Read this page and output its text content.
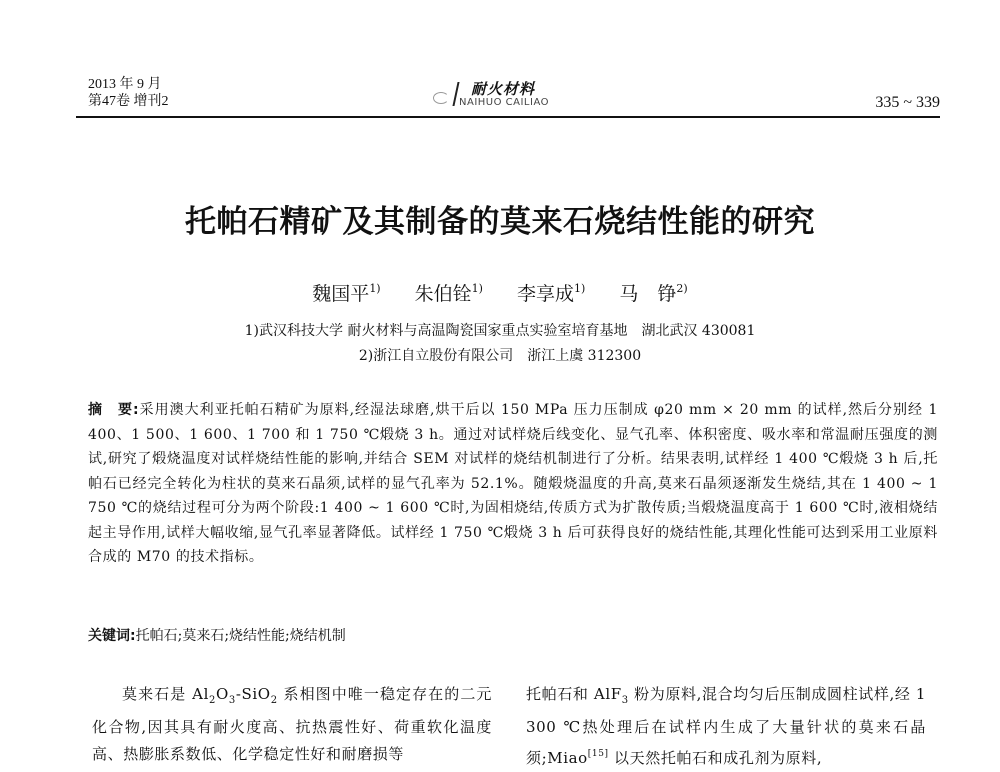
2013 年 9 月
第47卷 增刊2
耐火材料
NAIHUO CAILIAO	335 ~ 339
托帕石精矿及其制备的莫来石烧结性能的研究
魏国平$^{1)}$ 朱伯铨$^{1)}$ 李享成$^{1)}$ 马　铮$^{2)}$
1)武汉科技大学 耐火材料与高温陶瓷国家重点实验室培育基地　湖北武汉 430081
2)浙江自立股份有限公司　浙江上虞 312300
摘　要:采用澳大利亚托帕石精矿为原料,经湿法球磨,烘干后以 150 MPa 压力压制成 φ20 mm × 20 mm 的试样,然后分别经 1 400、1 500、1 600、1 700 和 1 750 ℃煅烧 3 h。通过对试样烧后线变化、显气孔率、体积密度、吸水率和常温耐压强度的测试,研究了煅烧温度对试样烧结性能的影响,并结合 SEM 对试样的烧结机制进行了分析。结果表明,试样经 1 400 ℃煅烧 3 h 后,托帕石已经完全转化为柱状的莫来石晶须,试样的显气孔率为 52.1%。随煅烧温度的升高,莫来石晶须逐渐发生烧结,其在 1 400 ~ 1 750 ℃的烧结过程可分为两个阶段:1 400 ~ 1 600 ℃时,为固相烧结,传质方式为扩散传质;当煅烧温度高于 1 600 ℃时,液相烧结起主导作用,试样大幅收缩,显气孔率显著降低。试样经 1 750 ℃煅烧 3 h 后可获得良好的烧结性能,其理化性能可达到采用工业原料合成的 M70 的技术指标。
关键词:托帕石;莫来石;烧结性能;烧结机制
莫来石是 $Al_2O_3-SiO_2$ 系相图中唯一稳定存在的二元化合物,因其具有耐火度高、抗热震性好、荷重软化温度高、热膨胀系数低、化学稳定性好和耐磨损等
托帕石和 AlF$_3$ 粉为原料,混合均匀后压制成圆柱试样,经 1 300 ℃热处理后在试样内生成了大量针状的莫来石晶须;Miao[15] 以天然托帕石和成孔剂为原料,
